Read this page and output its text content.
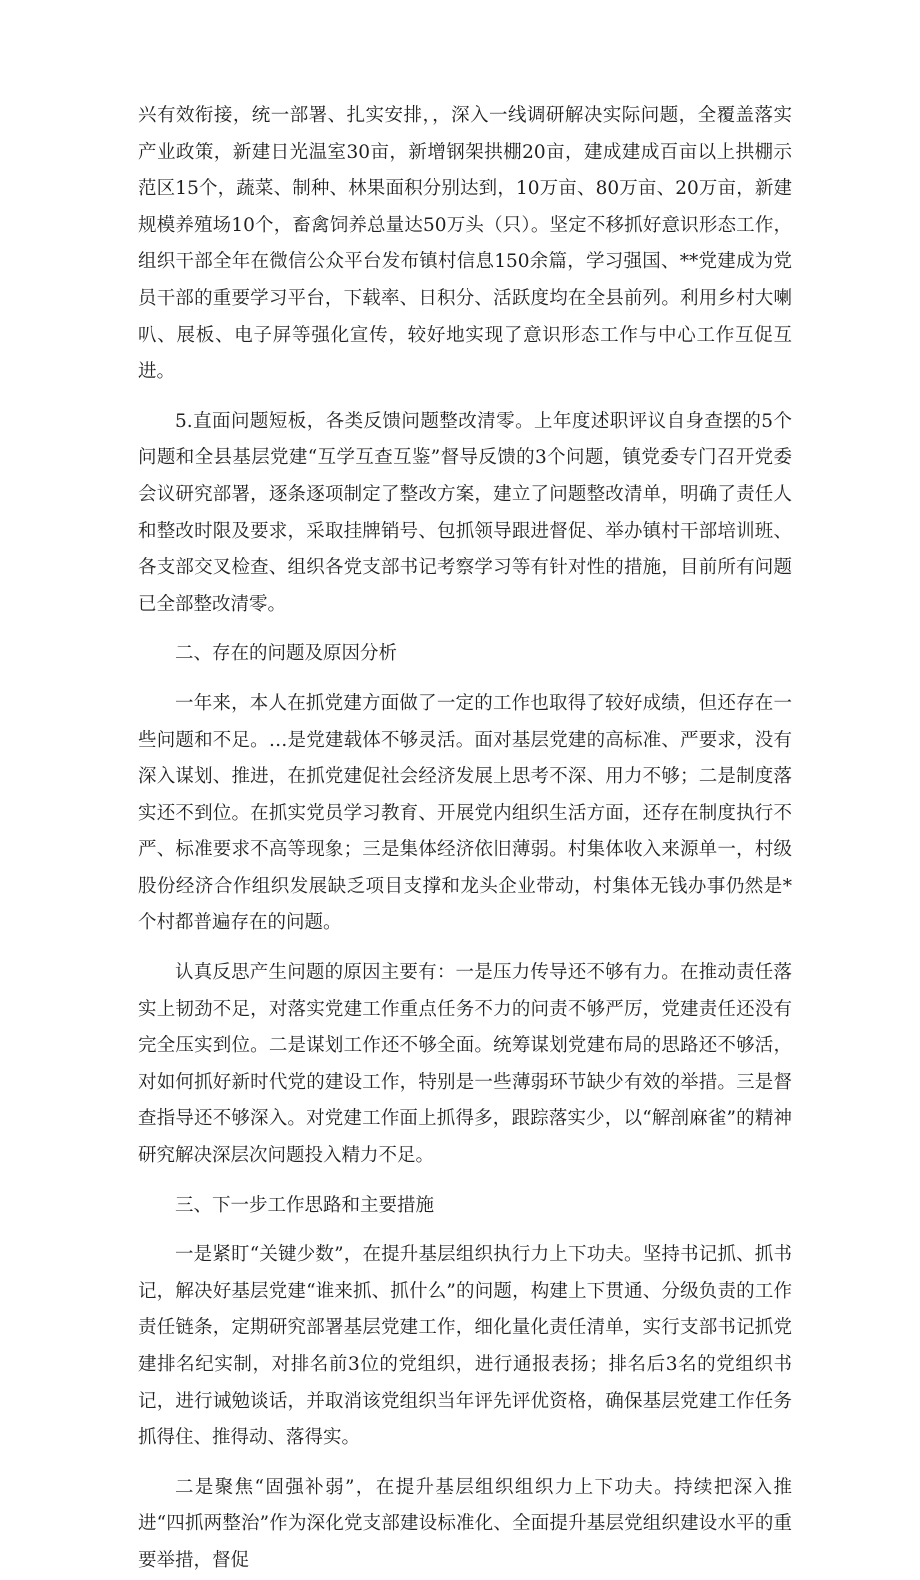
兴有效衔接，统一部署、扎实安排，，深入一线调研解决实际问题，全覆盖落实产业政策，新建日光温室30亩，新增钢架拱棚20亩，建成建成百亩以上拱棚示范区15个，蔬菜、制种、林果面积分别达到，10万亩、80万亩、20万亩，新建规模养殖场10个，畜禽饲养总量达50万头（只）。坚定不移抓好意识形态工作，组织干部全年在微信公众平台发布镇村信息150余篇，学习强国、**党建成为党员干部的重要学习平台，下载率、日积分、活跃度均在全县前列。利用乡村大喇叭、展板、电子屏等强化宣传，较好地实现了意识形态工作与中心工作互促互进。

5.直面问题短板，各类反馈问题整改清零。上年度述职评议自身查摆的5个问题和全县基层党建“互学互查互鉴”督导反馈的3个问题，镇党委专门召开党委会议研究部署，逐条逐项制定了整改方案，建立了问题整改清单，明确了责任人和整改时限及要求，采取挂牌销号、包抓领导跟进督促、举办镇村干部培训班、各支部交叉检查、组织各党支部书记考察学习等有针对性的措施，目前所有问题已全部整改清零。

二、存在的问题及原因分析

一年来，本人在抓党建方面做了一定的工作也取得了较好成绩，但还存在一些问题和不足。…是党建载体不够灵活。面对基层党建的高标准、严要求，没有深入谋划、推进，在抓党建促社会经济发展上思考不深、用力不够；二是制度落实还不到位。在抓实党员学习教育、开展党内组织生活方面，还存在制度执行不严、标准要求不高等现象；三是集体经济依旧薄弱。村集体收入来源单一，村级股份经济合作组织发展缺乏项目支撑和龙头企业带动，村集体无钱办事仍然是*个村都普遍存在的问题。

认真反思产生问题的原因主要有：一是压力传导还不够有力。在推动责任落实上韧劲不足，对落实党建工作重点任务不力的问责不够严厉，党建责任还没有完全压实到位。二是谋划工作还不够全面。统筹谋划党建布局的思路还不够活，对如何抓好新时代党的建设工作，特别是一些薄弱环节缺少有效的举措。三是督查指导还不够深入。对党建工作面上抓得多，跟踪落实少，以“解剖麻雀”的精神研究解决深层次问题投入精力不足。

三、下一步工作思路和主要措施

一是紧盯“关键少数”，在提升基层组织执行力上下功夫。坚持书记抓、抓书记，解决好基层党建“谁来抓、抓什么”的问题，构建上下贯通、分级负责的工作责任链条，定期研究部署基层党建工作，细化量化责任清单，实行支部书记抓党建排名纪实制，对排名前3位的党组织，进行通报表扬；排名后3名的党组织书记，进行诫勉谈话，并取消该党组织当年评先评优资格，确保基层党建工作任务抓得住、推得动、落得实。

二是聚焦“固强补弱”，在提升基层组织组织力上下功夫。持续把深入推进“四抓两整治”作为深化党支部建设标准化、全面提升基层党组织建设水平的重要举措，督促
